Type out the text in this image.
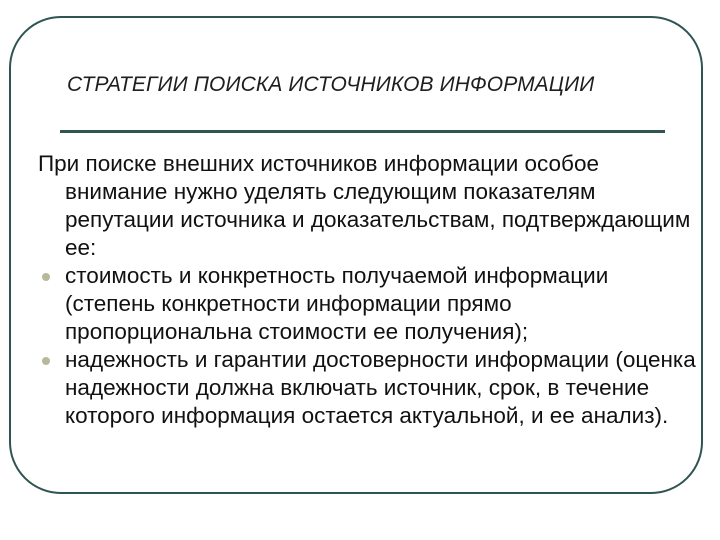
СТРАТЕГИИ ПОИСКА ИСТОЧНИКОВ ИНФОРМАЦИИ

При поиске внешних источников информации особое внимание нужно уделять следующим показателям репутации источника и доказательствам, подтверждающим ее:

стоимость и конкретность получаемой информации (степень конкретности информации прямо пропорциональна стоимости ее получения);
надежность и гарантии достоверности информации (оценка надежности должна включать источник, срок, в течение которого информация остается актуальной, и ее анализ).
